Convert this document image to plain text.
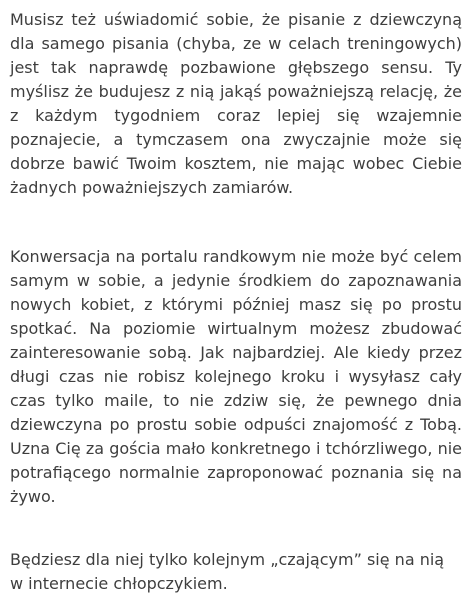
Musisz też uświadomić sobie, że pisanie z dziewczyną dla samego pisania (chyba, ze w celach treningowych) jest tak naprawdę pozbawione głębszego sensu. Ty myślisz że budujesz z nią jakąś poważniejszą relację, że z każdym tygodniem coraz lepiej się wzajemnie poznajecie, a tymczasem ona zwyczajnie może się dobrze bawić Twoim kosztem, nie mając wobec Ciebie żadnych poważniejszych zamiarów.

Konwersacja na portalu randkowym nie może być celem samym w sobie, a jedynie środkiem do zapoznawania nowych kobiet, z którymi później masz się po prostu spotkać. Na poziomie wirtualnym możesz zbudować zainteresowanie sobą. Jak najbardziej. Ale kiedy przez długi czas nie robisz kolejnego kroku i wysyłasz cały czas tylko maile, to nie zdziw się, że pewnego dnia dziewczyna po prostu sobie odpuści znajomość z Tobą. Uzna Cię za gościa mało konkretnego i tchórzliwego, nie potrafiącego normalnie zaproponować poznania się na żywo.

Będziesz dla niej tylko kolejnym „czającym” się na nią w internecie chłopczykiem.
